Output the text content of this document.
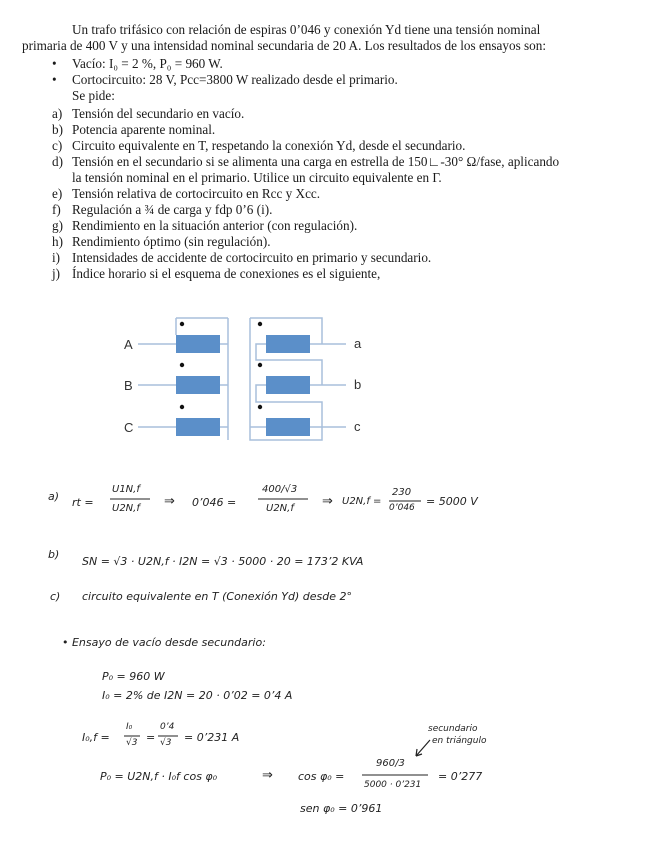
Un trafo trifásico con relación de espiras 0’046 y conexión Yd tiene una tensión nominal
primaria de 400 V y una intensidad nominal secundaria de 20 A. Los resultados de los ensayos son:
•	Vacío: I₀ = 2 %, P₀ = 960 W.
•	Cortocircuito: 28 V, Pcc=3800 W realizado desde el primario.
Se pide:
a) Tensión del secundario en vacío.
b) Potencia aparente nominal.
c) Circuito equivalente en T, respetando la conexión Yd, desde el secundario.
d) Tensión en el secundario si se alimenta una carga en estrella de 150∟-30° Ω/fase, aplicando
la tensión nominal en el primario. Utilice un circuito equivalente en Γ.
e) Tensión relativa de cortocircuito en Rcc y Xcc.
f) Regulación a ¾ de carga y fdp 0’6 (i).
g) Rendimiento en la situación anterior (con regulación).
h) Rendimiento óptimo (sin regulación).
i) Intensidades de accidente de cortocircuito en primario y secundario.
j) Índice horario si el esquema de conexiones es el siguiente,
A	a
B	b
C	c
a) rt =
U1N,f
U2N,f ⇒ 0’046 =
400/√3
U2N,f ⇒ U2N,f =
230
0’046 = 5000 V
b)
SN = √3 · U2N,f · I2N = √3 · 5000 · 20 = 173’2 KVA
c) circuito equivalente en T (Conexión Yd) desde 2°
• Ensayo de vacío desde secundario:
P₀ = 960 W
I₀ = 2% de I2N = 20 · 0’02 = 0’4 A
I₀,f =
I₀
√3 =
0’4
√3 = 0’231 A
secundario
en triángulo
P₀ = U2N,f · I₀f cos φ₀	⇒ cos φ₀ =
960/3
5000 · 0’231
= 0’277
sen φ₀ = 0’961
